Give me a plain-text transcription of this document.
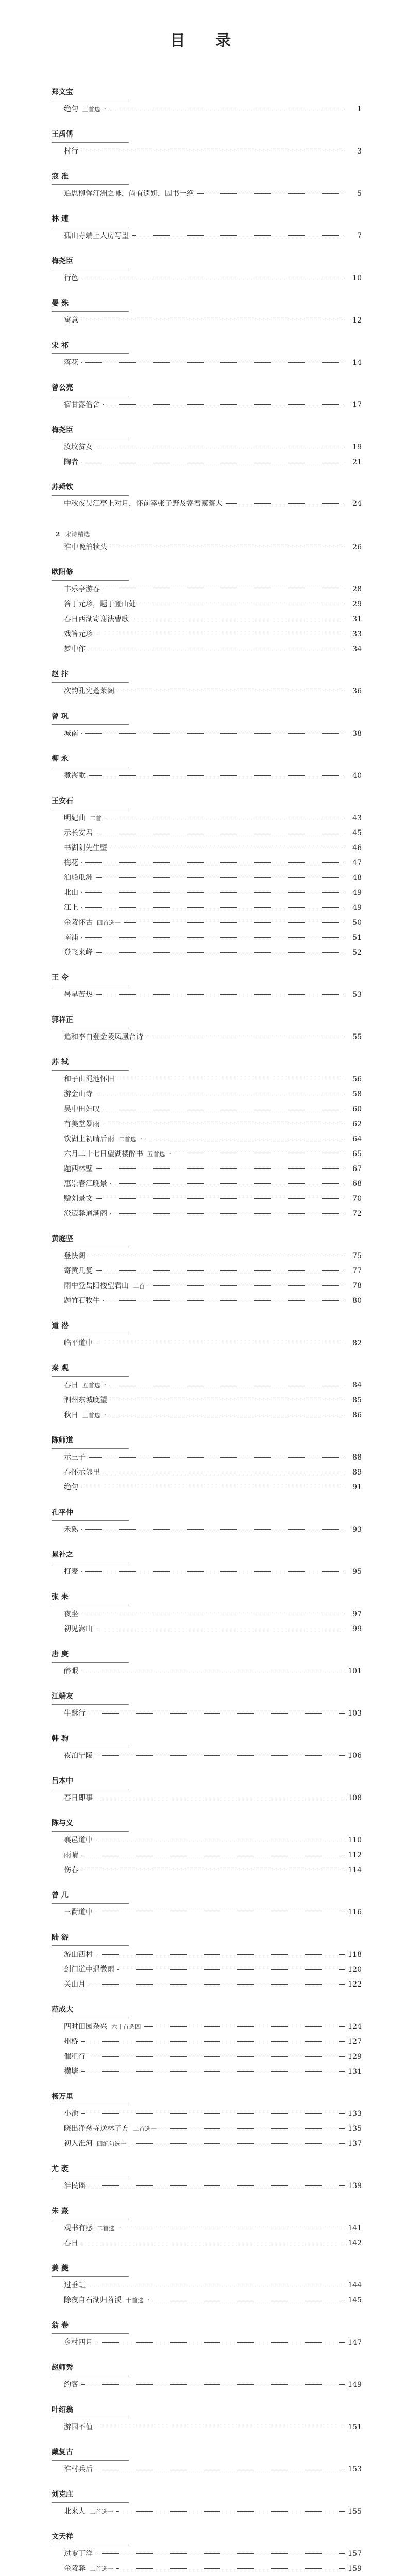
目 录
郑文宝
绝句 三首选一	1
王禹偁
村行	3
寇 准
追思柳恽汀洲之咏，尚有遗妍，因书一绝	5
林 逋
孤山寺端上人房写望	7
梅尧臣
行色	10
晏 殊
寓意	12
宋 祁
落花	14
曾公亮
宿甘露僧舍	17
梅尧臣
汝坟贫女	19
陶者	21
苏舜钦
中秋夜吴江亭上对月，怀前宰张子野及寄君谟蔡大	24
2 宋诗精选
淮中晚泊犊头	26
欧阳修
丰乐亭游春	28
答丁元珍，题于登山处	29
春日西湖寄谢法曹歌	31
戏答元珍	33
梦中作	34
赵 抃
次韵孔宪蓬莱阁	36
曾 巩
城南	38
柳 永
煮海歌	40
王安石
明妃曲 二首	43
示长安君	45
书湖阴先生壁	46
梅花	47
泊船瓜洲	48
北山	49
江上	49
金陵怀古 四首选一	50
南浦	51
登飞来峰	52
王 令
暑旱苦热	53
郭祥正
追和李白登金陵凤凰台诗	55
苏 轼
和子由渑池怀旧	56
游金山寺	58
吴中田妇叹	60
有美堂暴雨	62
饮湖上初晴后雨 二首选一	64
六月二十七日望湖楼醉书 五首选一	65
题西林壁	67
惠崇春江晚景	68
赠刘景文	70
澄迈驿通潮阁	72
黄庭坚
登快阁	75
寄黄几复	77
雨中登岳阳楼望君山 二首	78
题竹石牧牛	80
道 潜
临平道中	82
秦 观
春日 五首选一	84
泗州东城晚望	85
秋日 三首选一	86
陈师道
示三子	88
春怀示邻里	89
绝句	91
孔平仲
禾熟	93
晁补之
打麦	95
张 耒
夜坐	97
初见嵩山	99
唐 庚
醉眠	101
江端友
牛酥行	103
韩 驹
夜泊宁陵	106
吕本中
春日即事	108
陈与义
襄邑道中	110
雨晴	112
伤春	114
曾 几
三衢道中	116
陆 游
游山西村	118
剑门道中遇微雨	120
关山月	122
范成大
四时田园杂兴 六十首选四	124
州桥	127
催租行	129
横塘	131
杨万里
小池	133
晓出净慈寺送林子方 二首选一	135
初入淮河 四绝句选一	137
尤 袤
淮民谣	139
朱 熹
观书有感 二首选一	141
春日	142
姜 夔
过垂虹	144
除夜自石湖归苕溪 十首选一	145
翁 卷
乡村四月	147
赵师秀
约客	149
叶绍翁
游园不值	151
戴复古
淮村兵后	153
刘克庄
北来人 二首选一	155
文天祥
过零丁洋	157
金陵驿 二首选一	159
